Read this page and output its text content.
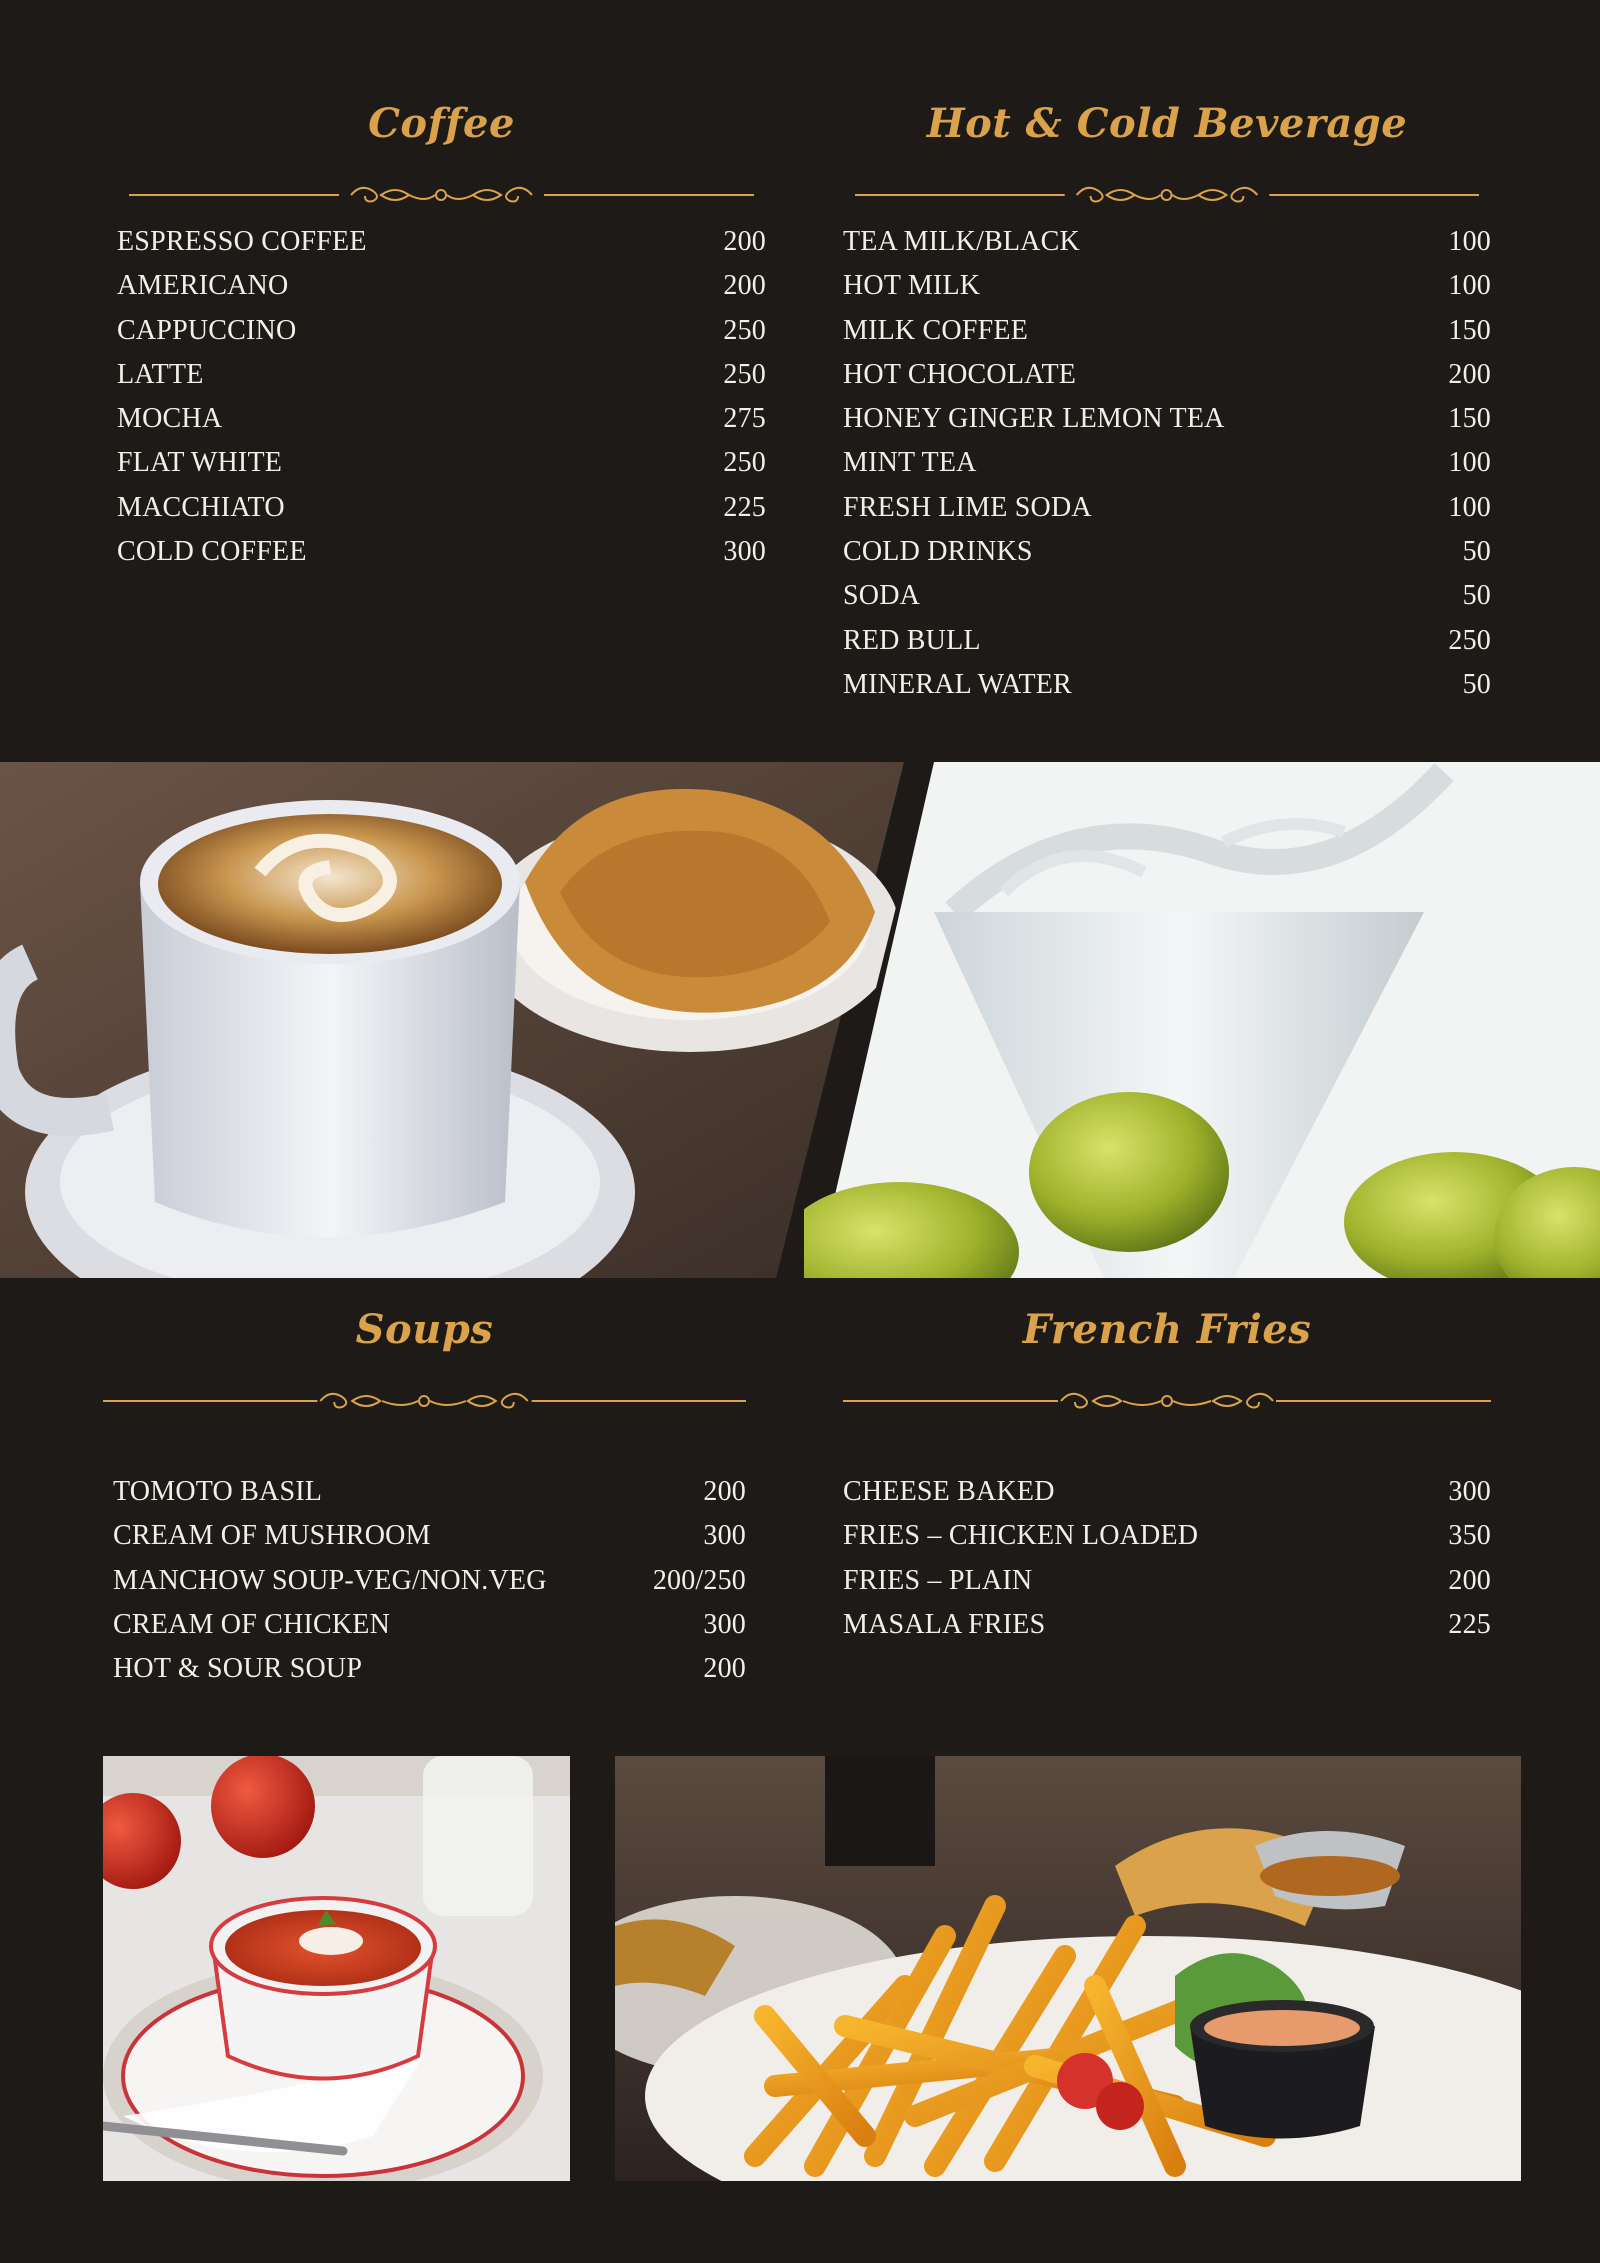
Coffee
ESPRESSO COFFEE	200
AMERICANO	200
CAPPUCCINO	250
LATTE	250
MOCHA	275
FLAT WHITE	250
MACCHIATO	225
COLD COFFEE	300
Hot & Cold Beverage
TEA MILK/BLACK	100
HOT MILK	100
MILK COFFEE	150
HOT CHOCOLATE	200
HONEY GINGER LEMON TEA	150
MINT TEA	100
FRESH LIME SODA	100
COLD DRINKS	50
SODA	50
RED BULL	250
MINERAL WATER	50
Soups
TOMOTO BASIL	200
CREAM OF MUSHROOM	300
MANCHOW SOUP-VEG/NON.VEG	200/250
CREAM OF CHICKEN	300
HOT & SOUR SOUP	200
French Fries
CHEESE BAKED	300
FRIES – CHICKEN LOADED	350
FRIES – PLAIN	200
MASALA FRIES	225
